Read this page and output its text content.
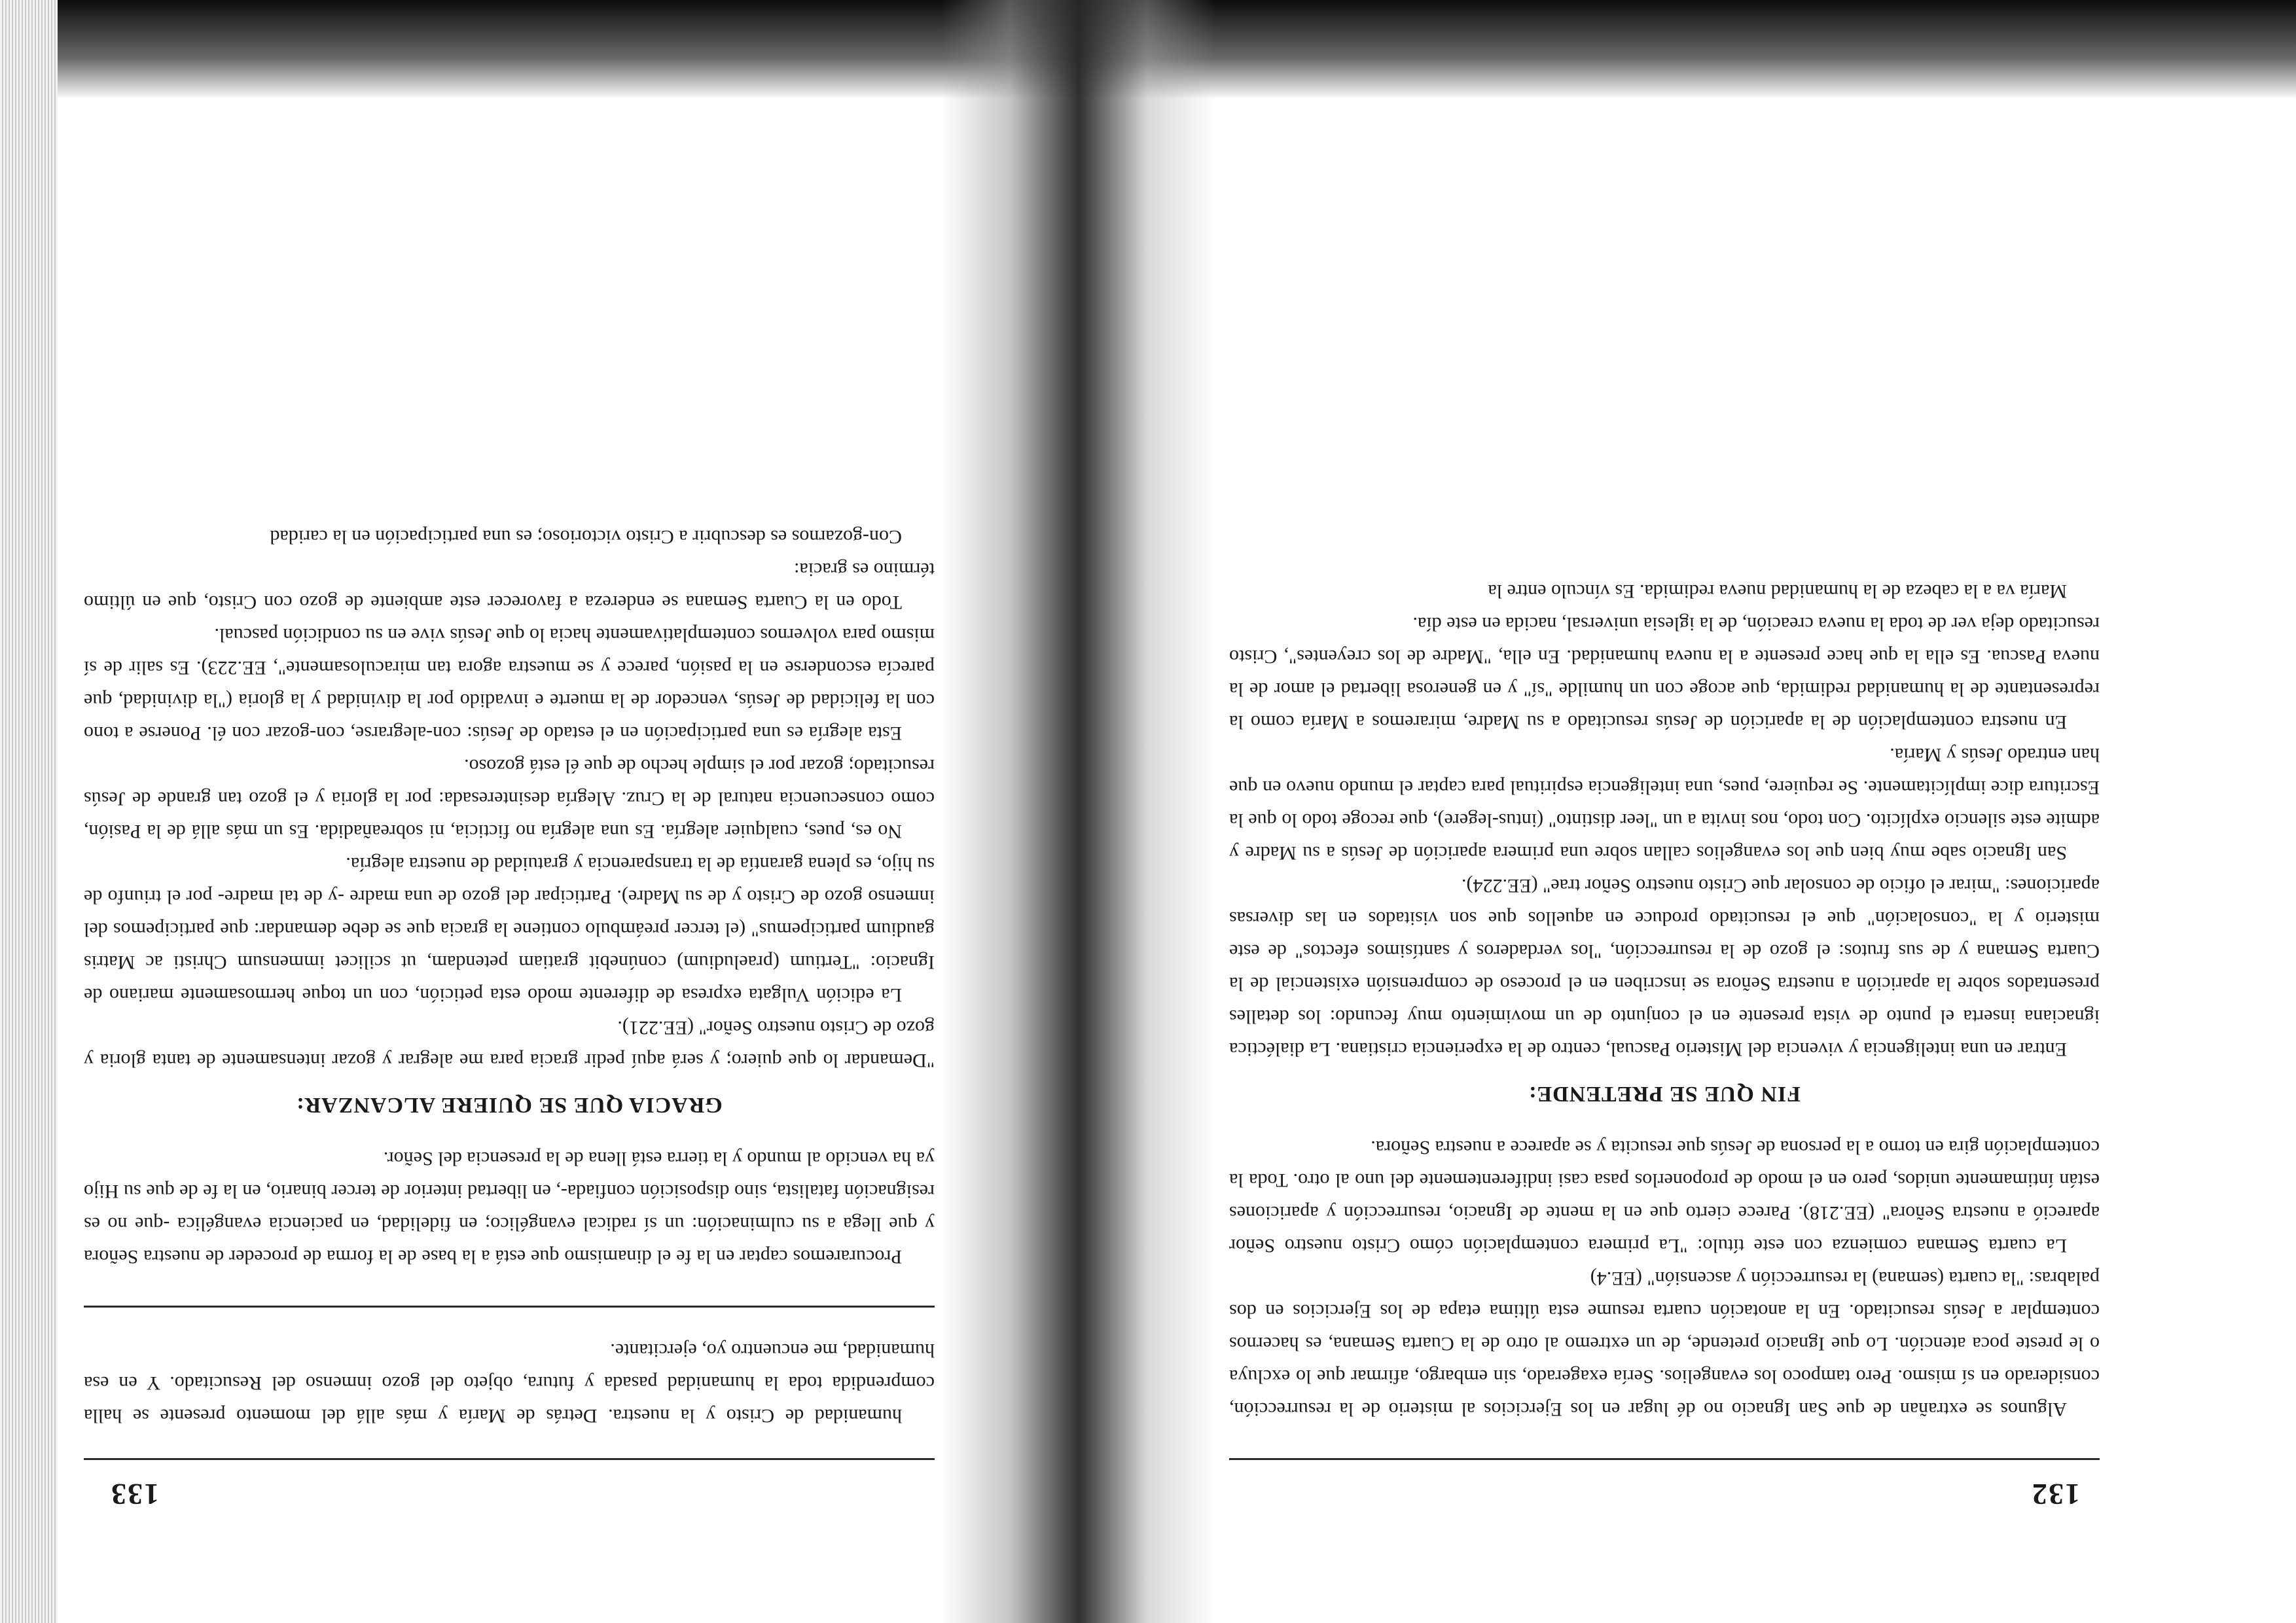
132

Algunos se extrañan de que San Ignacio no dé lugar en los Ejercicios al misterio de la resurrección, considerado en sí mismo. Pero tampoco los evangelios. Sería exagerado, sin embargo, afirmar que lo excluya o le preste poca atención. Lo que Ignacio pretende, de un extremo al otro de la Cuarta Semana, es hacernos contemplar a Jesús resucitado. En la anotación cuarta resume esta última etapa de los Ejercicios en dos palabras: "la cuarta (semana) la resurrección y ascensión" (EE.4)

La cuarta Semana comienza con este título: "La primera contemplación cómo Cristo nuestro Señor apareció a nuestra Señora" (EE.218). Parece cierto que en la mente de Ignacio, resurrección y apariciones están íntimamente unidos, pero en el modo de proponerlos pasa casi indiferentemente del uno al otro. Toda la contemplación gira en torno a la persona de Jesús que resucita y se aparece a nuestra Señora.

FIN QUE SE PRETENDE:

Entrar en una inteligencia y vivencia del Misterio Pascual, centro de la experiencia cristiana. La dialéctica ignaciana inserta el punto de vista presente en el conjunto de un movimiento muy fecundo: los detalles presentados sobre la aparición a nuestra Señora se inscriben en el proceso de comprensión existencial de la Cuarta Semana y de sus frutos: el gozo de la resurrección, "los verdaderos y santísimos efectos" de este misterio y la "consolación" que el resucitado produce en aquellos que son visitados en las diversas apariciones: "mirar el oficio de consolar que Cristo nuestro Señor trae" (EE.224).

San Ignacio sabe muy bien que los evangelios callan sobre una primera aparición de Jesús a su Madre y admite este silencio explícito. Con todo, nos invita a un "leer distinto" (intus-legere), que recoge todo lo que la Escritura dice implícitamente. Se requiere, pues, una inteligencia espiritual para captar el mundo nuevo en que han entrado Jesús y María.

En nuestra contemplación de la aparición de Jesús resucitado a su Madre, miraremos a María como la representante de la humanidad redimida, que acoge con un humilde "sí" y en generosa libertad el amor de la nueva Pascua. Es ella la que hace presente a la nueva humanidad. En ella, "Madre de los creyentes", Cristo resucitado deja ver de toda la nueva creación, de la iglesia universal, nacida en este día.

María va a la cabeza de la humanidad nueva redimida. Es vínculo entre la

133

humanidad de Cristo y la nuestra. Detrás de María y más allá del momento presente se halla comprendida toda la humanidad pasada y futura, objeto del gozo inmenso del Resucitado. Y en esa humanidad, me encuentro yo, ejercitante.

Procuraremos captar en la fe el dinamismo que está a la base de la forma de proceder de nuestra Señora y que llega a su culminación: un sí radical evangélico; en fidelidad, en paciencia evangélica -que no es resignación fatalista, sino disposición confiada-, en libertad interior de tercer binario, en la fe de que su Hijo ya ha vencido al mundo y la tierra está llena de la presencia del Señor.

GRACIA QUE SE QUIERE ALCANZAR:

"Demandar lo que quiero; y será aquí pedir gracia para me alegrar y gozar intensamente de tanta gloria y gozo de Cristo nuestro Señor" (EE.221).

La edición Vulgata expresa de diferente modo esta petición, con un toque hermosamente mariano de Ignacio: "Tertium (praeludium) conúnebit gratiam petendam, ut scilicet immensum Christi ac Matris gaudium participemus" (el tercer preámbulo contiene la gracia que se debe demandar: que participemos del inmenso gozo de Cristo y de su Madre). Participar del gozo de una madre -y de tal madre- por el triunfo de su hijo, es plena garantía de la transparencia y gratuidad de nuestra alegría.

No es, pues, cualquier alegría. Es una alegría no ficticia, ni sobreañadida. Es un más allá de la Pasión, como consecuencia natural de la Cruz. Alegría desinteresada: por la gloria y el gozo tan grande de Jesús resucitado; gozar por el simple hecho de que él está gozoso.

Esta alegría es una participación en el estado de Jesús: con-alegrarse, con-gozar con él. Ponerse a tono con la felicidad de Jesús, vencedor de la muerte e invadido por la divinidad y la gloria ("la divinidad, que parecía esconderse en la pasión, parece y se muestra agora tan miraculosamente", EE.223). Es salir de sí mismo para volvernos contemplativamente hacia lo que Jesús vive en su condición pascual.

Todo en la Cuarta Semana se endereza a favorecer este ambiente de gozo con Cristo, que en último término es gracia:

Con-gozarnos es descubrir a Cristo victorioso; es una participación en la caridad
